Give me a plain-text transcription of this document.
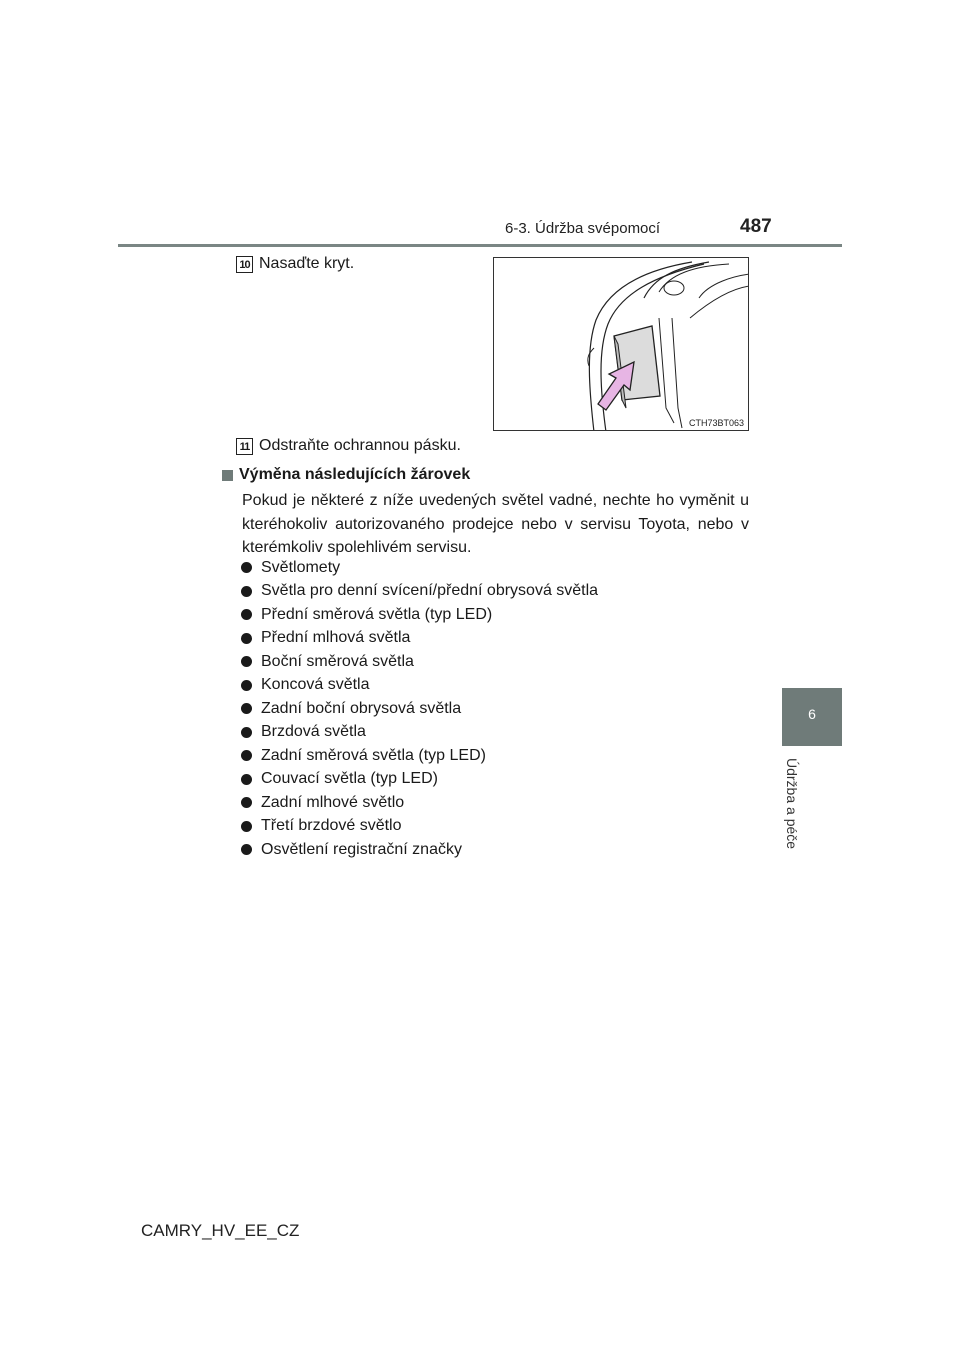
6-3. Údržba svépomocí	487
6
Údržba a péče
10 Nasaďte kryt.
CTH73BT063
11 Odstraňte ochrannou pásku.
Výměna následujících žárovek
Pokud je některé z níže uvedených světel vadné, nechte ho vyměnit u kteréhokoliv autorizovaného prodejce nebo v servisu Toyota, nebo v kterémkoliv spolehlivém servisu.
Světlomety
Světla pro denní svícení/přední obrysová světla
Přední směrová světla (typ LED)
Přední mlhová světla
Boční směrová světla
Koncová světla
Zadní boční obrysová světla
Brzdová světla
Zadní směrová světla (typ LED)
Couvací světla (typ LED)
Zadní mlhové světlo
Třetí brzdové světlo
Osvětlení registrační značky
CAMRY_HV_EE_CZ
